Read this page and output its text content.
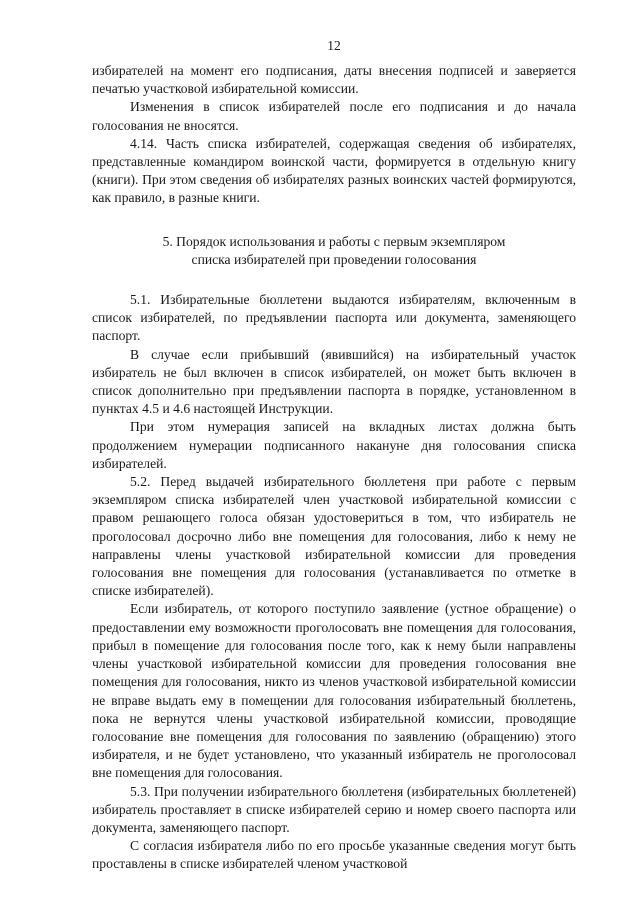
12

избирателей на момент его подписания, даты внесения подписей и заверяется печатью участковой избирательной комиссии.

Изменения в список избирателей после его подписания и до начала голосования не вносятся.

4.14. Часть списка избирателей, содержащая сведения об избирателях, представленные командиром воинской части, формируется в отдельную книгу (книги). При этом сведения об избирателях разных воинских частей формируются, как правило, в разные книги.

5. Порядок использования и работы с первым экземпляром
списка избирателей при проведении голосования

5.1. Избирательные бюллетени выдаются избирателям, включенным в список избирателей, по предъявлении паспорта или документа, заменяющего паспорт.

В случае если прибывший (явившийся) на избирательный участок избиратель не был включен в список избирателей, он может быть включен в список дополнительно при предъявлении паспорта в порядке, установленном в пунктах 4.5 и 4.6 настоящей Инструкции.

При этом нумерация записей на вкладных листах должна быть продолжением нумерации подписанного накануне дня голосования списка избирателей.

5.2. Перед выдачей избирательного бюллетеня при работе с первым экземпляром списка избирателей член участковой избирательной комиссии с правом решающего голоса обязан удостовериться в том, что избиратель не проголосовал досрочно либо вне помещения для голосования, либо к нему не направлены члены участковой избирательной комиссии для проведения голосования вне помещения для голосования (устанавливается по отметке в списке избирателей).

Если избиратель, от которого поступило заявление (устное обращение) о предоставлении ему возможности проголосовать вне помещения для голосования, прибыл в помещение для голосования после того, как к нему были направлены члены участковой избирательной комиссии для проведения голосования вне помещения для голосования, никто из членов участковой избирательной комиссии не вправе выдать ему в помещении для голосования избирательный бюллетень, пока не вернутся члены участковой избирательной комиссии, проводящие голосование вне помещения для голосования по заявлению (обращению) этого избирателя, и не будет установлено, что указанный избиратель не проголосовал вне помещения для голосования.

5.3. При получении избирательного бюллетеня (избирательных бюллетеней) избиратель проставляет в списке избирателей серию и номер своего паспорта или документа, заменяющего паспорт.

С согласия избирателя либо по его просьбе указанные сведения могут быть проставлены в списке избирателей членом участковой
